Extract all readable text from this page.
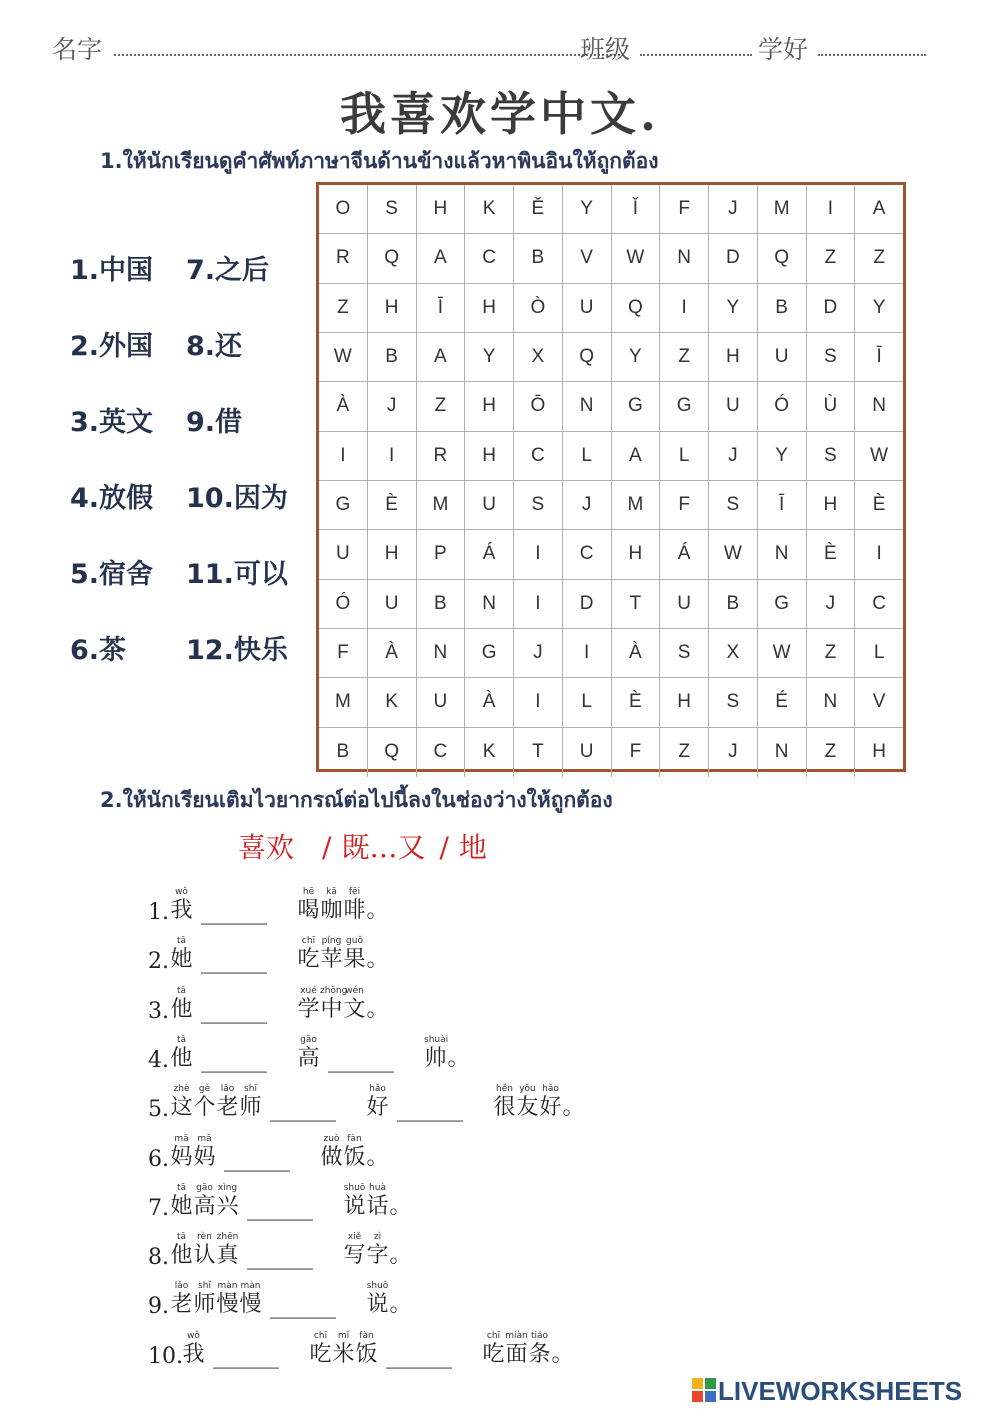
名字	班级	学好
我喜欢学中文.
1.ให้นักเรียนดูคำศัพท์ภาษาจีนด้านข้างแล้วหาพินอินให้ถูกต้อง
1.中国 7.之后
2.外国 8.还
3.英文 9.借
4.放假 10.因为
5.宿舍 11.可以
6.茶 12.快乐
O	S	H	K	Ě	Y	Ǐ	F	J	M	I	A
R	Q	A	C	B	V	W	N	D	Q	Z	Z
Z	H	Ī	H	Ò	U	Q	I	Y	B	D	Y
W	B	A	Y	X	Q	Y	Z	H	U	S	Ī
À	J	Z	H	Ō	N	G	G	U	Ó	Ù	N
I	I	R	H	C	L	A	L	J	Y	S	W
G	È	M	U	S	J	M	F	S	Ī	H	È
U	H	P	Á	I	C	H	Á	W	N	È	I
Ó	U	B	N	I	D	T	U	B	G	J	C
F	À	N	G	J	I	À	S	X	W	Z	L
M	K	U	À	I	L	È	H	S	É	N	V
B	Q	C	K	T	U	F	Z	J	N	Z	H
2.ให้นักเรียนเติมไวยากรณ์ต่อไปนี้ลงในช่องว่างให้ถูกต้อง
喜欢 / 既…又 / 地
1.
wǒ
我 ______
hē
喝
kā
咖
fēi
啡 。
2.
tā
她 ______
chī
吃
píng
苹
guǒ
果 。
3.
tā
他 ______
xué
学
zhōng
中
wén
文 。
4.
tā
他 ______
gāo
高 ______
shuài
帅 。
5.
zhè
这
gè
个
lǎo
老
shī
师 ______
hǎo
好 ______
hěn
很
yǒu
友
hǎo
好 。
6.
mā
妈
mā
妈 ______
zuò
做
fàn
饭 。
7.
tā
她
gāo
高
xìng
兴 ______
shuō
说
huà
话 。
8.
tā
他
rèn
认
zhēn
真 ______
xiě
写
zì
字 。
9.
lǎo
老
shī
师
màn
慢
màn
慢 ______
shuō
说 。
10.
wǒ
我 ______
chī
吃
mǐ
米
fàn
饭 ______
chī
吃
miàn
面
tiáo
条 。
LIVEWORKSHEETS
